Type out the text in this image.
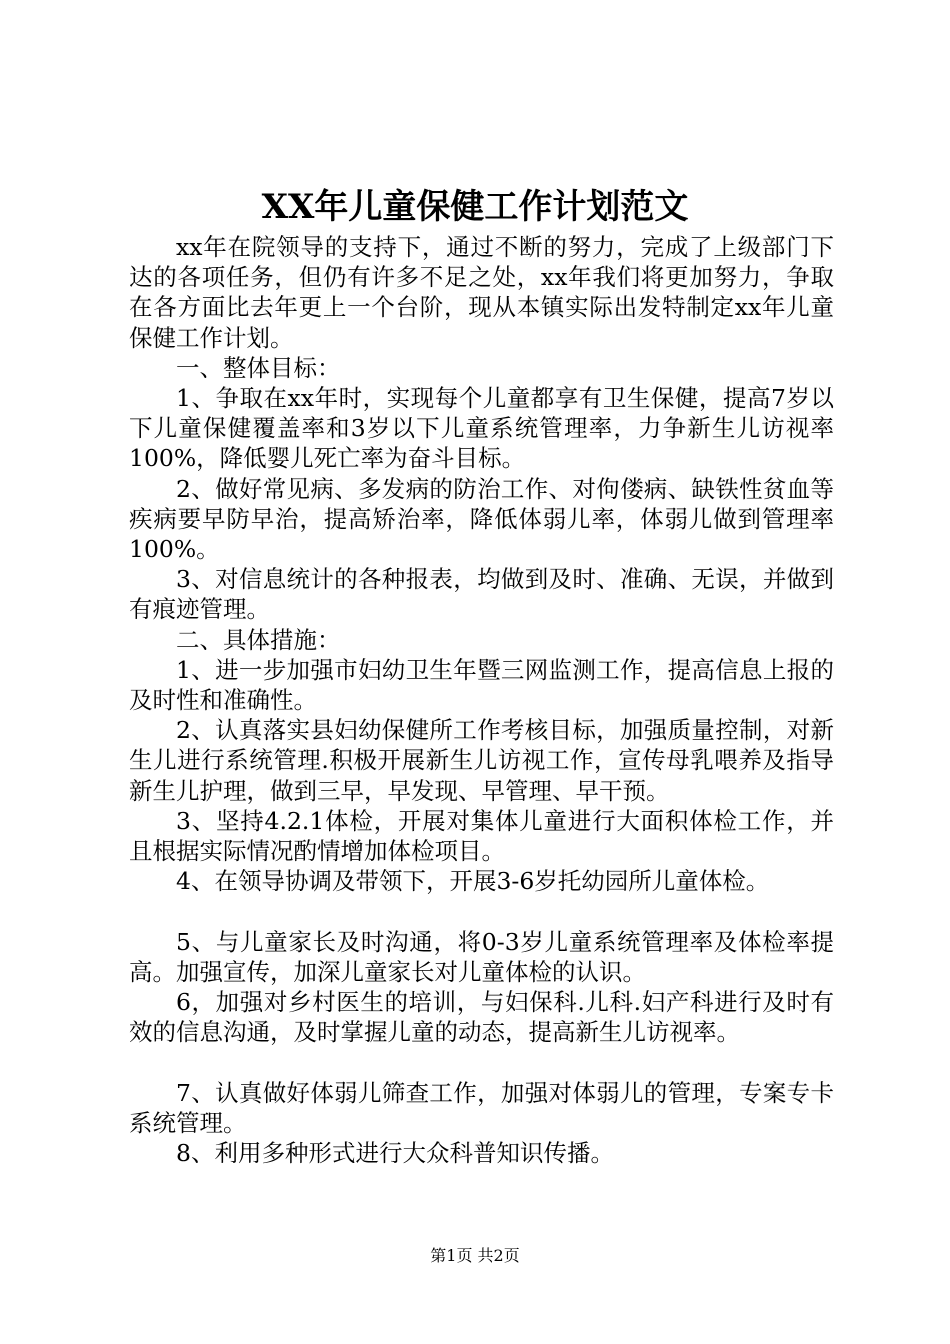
XX年儿童保健工作计划范文

xx年在院领导的支持下，通过不断的努力，完成了上级部门下达的各项任务，但仍有许多不足之处，xx年我们将更加努力，争取在各方面比去年更上一个台阶，现从本镇实际出发特制定xx年儿童保健工作计划。

一、整体目标：

1、争取在xx年时，实现每个儿童都享有卫生保健，提高7岁以下儿童保健覆盖率和3岁以下儿童系统管理率，力争新生儿访视率100%，降低婴儿死亡率为奋斗目标。

2、做好常见病、多发病的防治工作、对佝偻病、缺铁性贫血等疾病要早防早治，提高矫治率，降低体弱儿率，体弱儿做到管理率100%。

3、对信息统计的各种报表，均做到及时、准确、无误，并做到有痕迹管理。

二、具体措施：

1、进一步加强市妇幼卫生年暨三网监测工作，提高信息上报的及时性和准确性。

2、认真落实县妇幼保健所工作考核目标，加强质量控制，对新生儿进行系统管理.积极开展新生儿访视工作，宣传母乳喂养及指导新生儿护理，做到三早，早发现、早管理、早干预。

3、坚持4.2.1体检，开展对集体儿童进行大面积体检工作，并且根据实际情况酌情增加体检项目。

4、在领导协调及带领下，开展3-6岁托幼园所儿童体检。

5、与儿童家长及时沟通，将0-3岁儿童系统管理率及体检率提高。加强宣传，加深儿童家长对儿童体检的认识。

6，加强对乡村医生的培训，与妇保科.儿科.妇产科进行及时有效的信息沟通，及时掌握儿童的动态，提高新生儿访视率。

7、认真做好体弱儿筛查工作，加强对体弱儿的管理，专案专卡系统管理。

8、利用多种形式进行大众科普知识传播。

第1页 共2页
